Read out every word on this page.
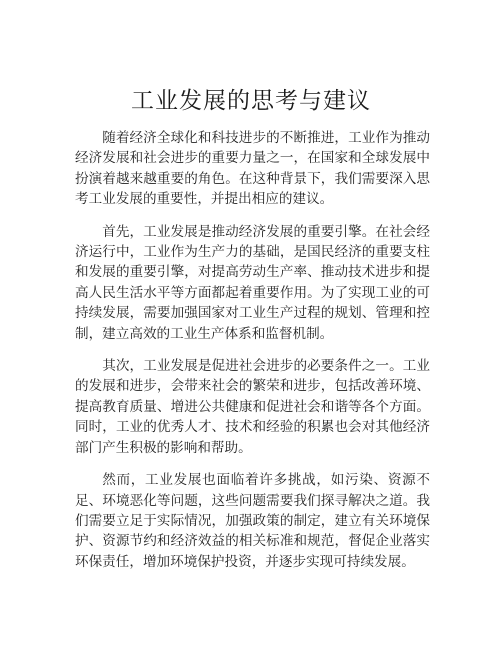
工业发展的思考与建议

随着经济全球化和科技进步的不断推进，工业作为推动经济发展和社会进步的重要力量之一，在国家和全球发展中扮演着越来越重要的角色。在这种背景下，我们需要深入思考工业发展的重要性，并提出相应的建议。

首先，工业发展是推动经济发展的重要引擎。在社会经济运行中，工业作为生产力的基础，是国民经济的重要支柱和发展的重要引擎，对提高劳动生产率、推动技术进步和提高人民生活水平等方面都起着重要作用。为了实现工业的可持续发展，需要加强国家对工业生产过程的规划、管理和控制，建立高效的工业生产体系和监督机制。

其次，工业发展是促进社会进步的必要条件之一。工业的发展和进步，会带来社会的繁荣和进步，包括改善环境、提高教育质量、增进公共健康和促进社会和谐等各个方面。同时，工业的优秀人才、技术和经验的积累也会对其他经济部门产生积极的影响和帮助。

然而，工业发展也面临着许多挑战，如污染、资源不足、环境恶化等问题，这些问题需要我们探寻解决之道。我们需要立足于实际情况，加强政策的制定，建立有关环境保护、资源节约和经济效益的相关标准和规范，督促企业落实环保责任，增加环境保护投资，并逐步实现可持续发展。
